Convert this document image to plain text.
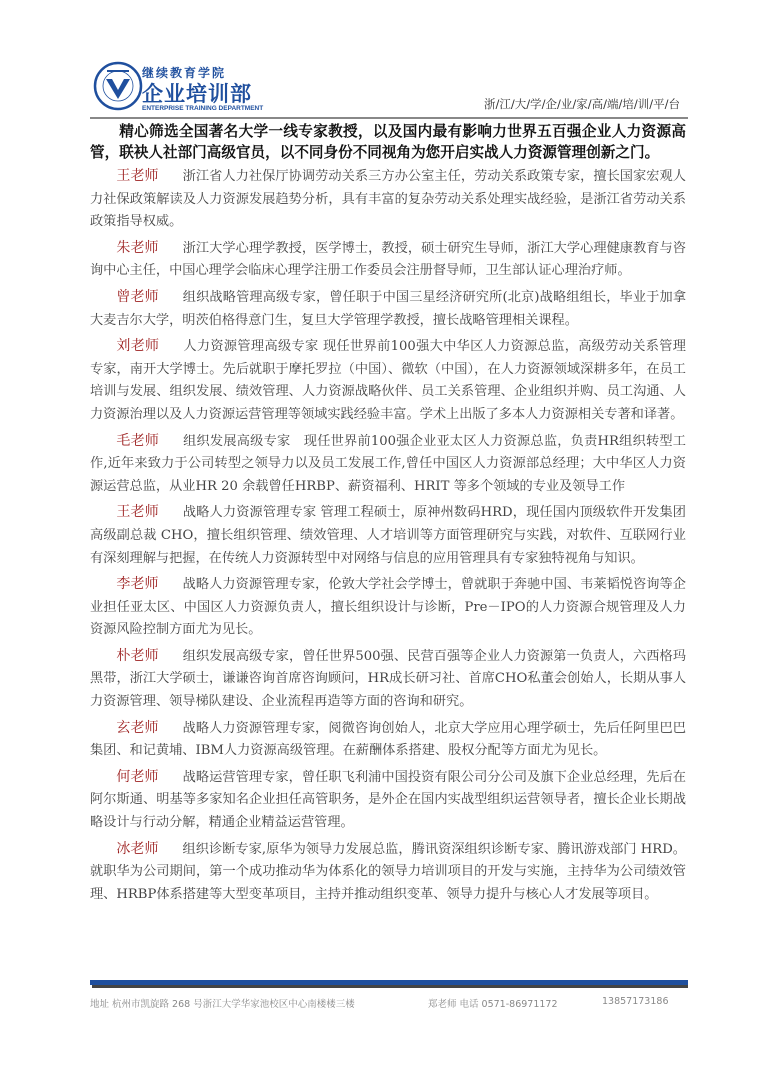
继续教育学院
企业培训部
ENTERPRISE TRAINING DEPARTMENT	浙/江/大/学/企/业/家/高/端/培/训/平/台

精心筛选全国著名大学一线专家教授，以及国内最有影响力世界五百强企业人力资源高管，联袂人社部门高级官员，以不同身份不同视角为您开启实战人力资源管理创新之门。

王老师 浙江省人力社保厅协调劳动关系三方办公室主任，劳动关系政策专家，擅长国家宏观人力社保政策解读及人力资源发展趋势分析，具有丰富的复杂劳动关系处理实战经验，是浙江省劳动关系政策指导权威。

朱老师 浙江大学心理学教授，医学博士，教授，硕士研究生导师，浙江大学心理健康教育与咨询中心主任，中国心理学会临床心理学注册工作委员会注册督导师，卫生部认证心理治疗师。

曾老师 组织战略管理高级专家，曾任职于中国三星经济研究所(北京)战略组组长，毕业于加拿大麦吉尔大学，明茨伯格得意门生，复旦大学管理学教授，擅长战略管理相关课程。

刘老师 人力资源管理高级专家 现任世界前100强大中华区人力资源总监，高级劳动关系管理专家，南开大学博士。先后就职于摩托罗拉（中国）、微软（中国），在人力资源领域深耕多年，在员工培训与发展、组织发展、绩效管理、人力资源战略伙伴、员工关系管理、企业组织并购、员工沟通、人力资源治理以及人力资源运营管理等领域实践经验丰富。学术上出版了多本人力资源相关专著和译著。

毛老师 组织发展高级专家　现任世界前100强企业亚太区人力资源总监，负责HR组织转型工作,近年来致力于公司转型之领导力以及员工发展工作,曾任中国区人力资源部总经理；大中华区人力资源运营总监，从业HR 20 余载曾任HRBP、薪资福利、HRIT 等多个领域的专业及领导工作

王老师 战略人力资源管理专家 管理工程硕士，原神州数码HRD，现任国内顶级软件开发集团高级副总裁 CHO，擅长组织管理、绩效管理、人才培训等方面管理研究与实践，对软件、互联网行业有深刻理解与把握，在传统人力资源转型中对网络与信息的应用管理具有专家独特视角与知识。

李老师 战略人力资源管理专家，伦敦大学社会学博士，曾就职于奔驰中国、韦莱韬悦咨询等企业担任亚太区、中国区人力资源负责人，擅长组织设计与诊断，Pre－IPO的人力资源合规管理及人力资源风险控制方面尤为见长。

朴老师 组织发展高级专家，曾任世界500强、民营百强等企业人力资源第一负责人，六西格玛黑带，浙江大学硕士，谦谦咨询首席咨询顾问，HR成长研习社、首席CHO私董会创始人，长期从事人力资源管理、领导梯队建设、企业流程再造等方面的咨询和研究。

玄老师 战略人力资源管理专家，阅微咨询创始人，北京大学应用心理学硕士，先后任阿里巴巴集团、和记黄埔、IBM人力资源高级管理。在薪酬体系搭建、股权分配等方面尤为见长。

何老师 战略运营管理专家，曾任职飞利浦中国投资有限公司分公司及旗下企业总经理，先后在阿尔斯通、明基等多家知名企业担任高管职务，是外企在国内实战型组织运营领导者，擅长企业长期战略设计与行动分解，精通企业精益运营管理。

冰老师 组织诊断专家,原华为领导力发展总监，腾讯资深组织诊断专家、腾讯游戏部门 HRD。就职华为公司期间，第一个成功推动华为体系化的领导力培训项目的开发与实施，主持华为公司绩效管理、HRBP体系搭建等大型变革项目，主持并推动组织变革、领导力提升与核心人才发展等项目。

地址 杭州市凯旋路 268 号浙江大学华家池校区中心南楼楼三楼	郑老师 电话 0571-86971172	13857173186
